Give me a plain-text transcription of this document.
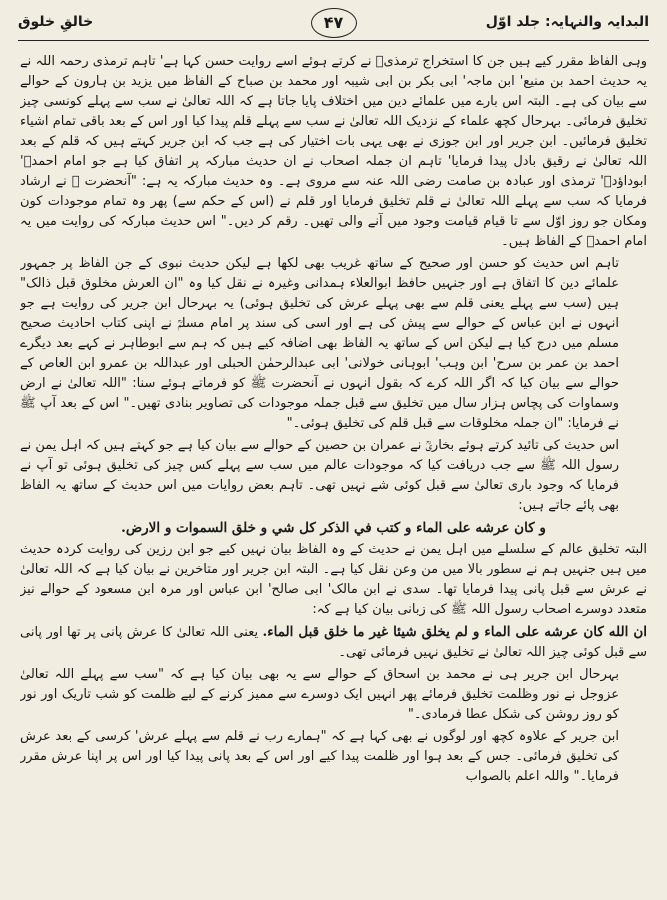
البدایہ والنہایہ: جلد اوّل
۴۷
خالقِ خلوق

وہی الفاظ مقرر کیے ہیں جن کا استخراج ترمذیؒ نے کرتے ہوئے اسے روایت حسن کہا ہے' تاہم ترمذی رحمہ اللہ نے یہ حدیث احمد بن منیع' ابن ماجہ' ابی بکر بن ابی شیبہ اور محمد بن صباح کے الفاظ میں یزید بن ہارون کے حوالے سے بیان کی ہے۔ البتہ اس بارے میں علمائے دین میں اختلاف پایا جاتا ہے کہ اللہ تعالیٰ نے سب سے پہلے کونسی چیز تخلیق فرمائی۔ بہرحال کچھ علماء کے نزدیک اللہ تعالیٰ نے سب سے پہلے قلم پیدا کیا اور اس کے بعد باقی تمام اشیاء تخلیق فرمائیں۔ ابن جریر اور ابن جوزی نے بھی یہی بات اختیار کی ہے جب کہ ابن جریر کہتے ہیں کہ قلم کے بعد اللہ تعالیٰ نے رقیق بادل پیدا فرمایا' تاہم ان جملہ اصحاب نے ان حدیث مبارکہ پر اتفاق کیا ہے جو امام احمدؒ' ابوداؤدؒ' ترمذی اور عبادہ بن صامت رضی اللہ عنہ سے مروی ہے۔ وہ حدیث مبارکہ یہ ہے: "آنحضرت ﷺ نے ارشاد فرمایا کہ سب سے پہلے اللہ تعالیٰ نے قلم تخلیق فرمایا اور قلم نے (اس کے حکم سے) پھر وہ تمام موجودات کون ومکان جو روز اوّل سے تا قیام قیامت وجود میں آنے والی تھیں۔ رقم کر دیں۔" اس حدیث مبارکہ کی روایت میں یہ امام احمدؒ کے الفاظ ہیں۔

تاہم اس حدیث کو حسن اور صحیح کے ساتھ غریب بھی لکھا ہے لیکن حدیث نبوی کے جن الفاظ پر جمہور علمائے دین کا اتفاق ہے اور جنہیں حافظ ابوالعلاء ہمدانی وغیرہ نے نقل کیا وہ "ان العرش مخلوق قبل ذالک" ہیں (سب سے پہلے یعنی قلم سے بھی پہلے عرش کی تخلیق ہوئی) یہ بہرحال ابن جریر کی روایت ہے جو انہوں نے ابن عباس کے حوالے سے پیش کی ہے اور اسی کی سند پر امام مسلمؒ نے اپنی کتاب احادیث صحیح مسلم میں درج کیا ہے لیکن اس کے ساتھ یہ الفاظ بھی اضافہ کیے ہیں کہ ہم سے ابوطاہر نے کہے بعد دیگرے احمد بن عمر بن سرح' ابن وہب' ابوہانی خولانی' ابی عبدالرحمٰن الحبلی اور عبداللہ بن عمرو ابن العاص کے حوالے سے بیان کیا کہ اگر اللہ کرے کہ بقول انہوں نے آنحضرت ﷺ کو فرماتے ہوئے سنا: "اللہ تعالیٰ نے ارض وسماوات کی پچاس ہزار سال میں تخلیق سے قبل جملہ موجودات کی تصاویر بنادی تھیں۔" اس کے بعد آپ ﷺ نے فرمایا: "ان جملہ مخلوقات سے قبل قلم کی تخلیق ہوئی۔"

اس حدیث کی تائید کرتے ہوئے بخاریؒ نے عمران بن حصین کے حوالے سے بیان کیا ہے جو کہتے ہیں کہ اہل یمن نے رسول اللہ ﷺ سے جب دریافت کیا کہ موجودات عالم میں سب سے پہلے کس چیز کی تخلیق ہوئی تو آپ نے فرمایا کہ وجود باری تعالیٰ سے قبل کوئی شے نہیں تھی۔ تاہم بعض روایات میں اس حدیث کے ساتھ یہ الفاظ بھی پائے جاتے ہیں:

و كان عرشه على الماء و كتب في الذكر كل شي و خلق السموات و الارض.

البتہ تخلیق عالم کے سلسلے میں اہل یمن نے حدیث کے وہ الفاظ بیان نہیں کیے جو ابن رزین کی روایت کردہ حدیث میں ہیں جنہیں ہم نے سطور بالا میں من وعن نقل کیا ہے۔ البتہ ابن جریر اور متاخرین نے بیان کیا ہے کہ اللہ تعالیٰ نے عرش سے قبل پانی پیدا فرمایا تھا۔ سدی نے ابن مالک' ابی صالح' ابن عباس اور مرہ ابن مسعود کے حوالے نیز متعدد دوسرے اصحاب رسول اللہ ﷺ کی زبانی بیان کیا ہے کہ:

ان الله كان عرشه على الماء و لم يخلق شيئا غير ما خلق قبل الماء. یعنی اللہ تعالیٰ کا عرش پانی پر تھا اور پانی سے قبل کوئی چیز اللہ تعالیٰ نے تخلیق نہیں فرمائی تھی۔

بہرحال ابن جریر ہی نے محمد بن اسحاق کے حوالے سے یہ بھی بیان کیا ہے کہ "سب سے پہلے اللہ تعالیٰ عزوجل نے نور وظلمت تخلیق فرمائے پھر انہیں ایک دوسرے سے ممیز کرنے کے لیے ظلمت کو شب تاریک اور نور کو روز روشن کی شکل عطا فرمادی۔"

ابن جریر کے علاوہ کچھ اور لوگوں نے بھی کہا ہے کہ "ہمارے رب نے قلم سے پہلے عرش' کرسی کے بعد عرش کی تخلیق فرمائی۔ جس کے بعد ہوا اور ظلمت پیدا کیے اور اس کے بعد پانی پیدا کیا اور اس پر اپنا عرش مقرر فرمایا۔" واللہ اعلم بالصواب
